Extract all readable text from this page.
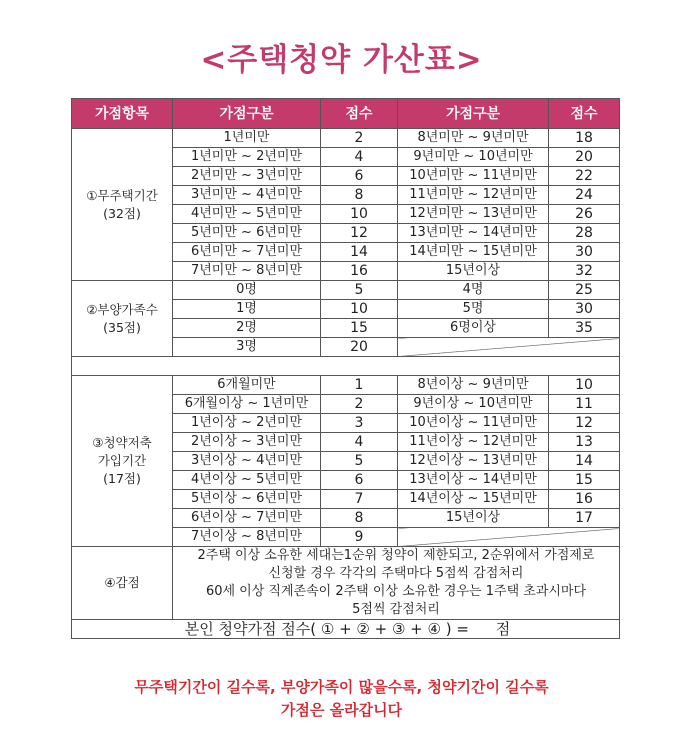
<주택청약 가산표>
가점항목	가점구분	점수	가점구분	점수

①무주택기간
(32점)	1년미만	2	8년미만 ~ 9년미만	18
	1년미만 ~ 2년미만	4	9년미만 ~ 10년미만	20
	2년미만 ~ 3년미만	6	10년미만 ~ 11년미만	22
	3년미만 ~ 4년미만	8	11년미만 ~ 12년미만	24
	4년미만 ~ 5년미만	10	12년미만 ~ 13년미만	26
	5년미만 ~ 6년미만	12	13년미만 ~ 14년미만	28
	6년미만 ~ 7년미만	14	14년미만 ~ 15년미만	30
	7년미만 ~ 8년미만	16	15년이상	32

②부양가족수
(35점)	0명	5	4명	25
	1명	10	5명	30
	2명	15	6명이상	35
	3명	20		

③청약저축
가입기간
(17점)	6개월미만	1	8년이상 ~ 9년미만	10
	6개월이상 ~ 1년미만	2	9년이상 ~ 10년미만	11
	1년이상 ~ 2년미만	3	10년이상 ~ 11년미만	12
	2년이상 ~ 3년미만	4	11년이상 ~ 12년미만	13
	3년이상 ~ 4년미만	5	12년이상 ~ 13년미만	14
	4년이상 ~ 5년미만	6	13년이상 ~ 14년미만	15
	5년이상 ~ 6년미만	7	14년이상 ~ 15년미만	16
	6년이상 ~ 7년미만	8	15년이상	17
	7년이상 ~ 8년미만	9		
④감점	2주택 이상 소유한 세대는1순위 청약이 제한되고, 2순위에서 가점제로
신청할 경우 각각의 주택마다 5점씩 감점처리
60세 이상 직계존속이 2주택 이상 소유한 경우는 1주택 초과시마다
5점씩 감점처리			

본인 청약가점 점수( ① + ② + ③ + ④ ) = 점				
무주택기간이 길수록, 부양가족이 많을수록, 청약기간이 길수록
가점은 올라갑니다
